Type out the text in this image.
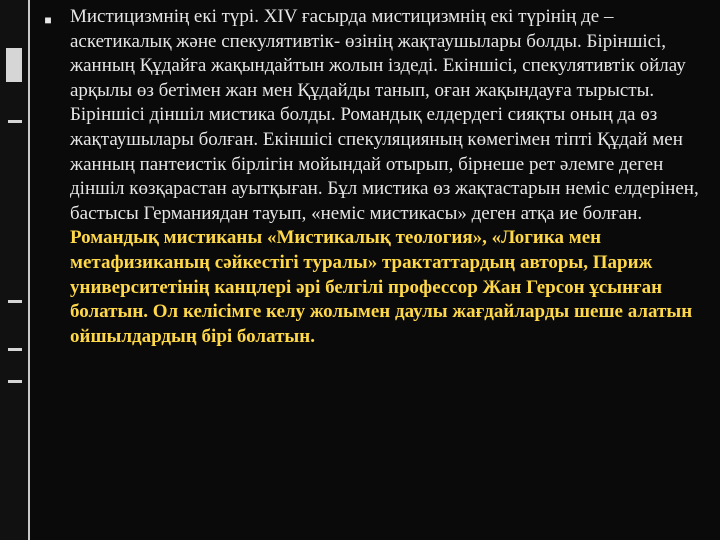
■ Мистицизмнің екі түрі. XIV ғасырда мистицизмнің екі түрінің де – аскетикалық және спекулятивтік- өзінің жақтаушылары болды. Біріншісі, жанның Құдайға жақындайтын жолын іздеді. Екіншісі, спекулятивтік ойлау арқылы өз бетімен жан мен Құдайды танып, оған жақындауға тырысты. Біріншісі діншіл мистика болды. Романдық елдердегі сияқты оның да өз жақтаушылары болған. Екіншісі спекуляцияның көмегімен тіпті Құдай мен жанның пантеистік бірлігін мойындай отырып, бірнеше рет әлемге деген діншіл көзқарастан ауытқыған. Бұл мистика өз жақтастарын неміс елдерінен, бастысы Германиядан тауып, «неміс мистикасы» деген атқа ие болған. Романдық мистиканы «Мистикалық теология», «Логика мен метафизиканың сәйкестігі туралы» трактаттардың авторы, Париж университетінің канцлері әрі белгілі профессор Жан Герсон ұсынған болатын. Ол келісімге келу жолымен даулы жағдайларды шеше алатын ойшылдардың бірі болатын.
